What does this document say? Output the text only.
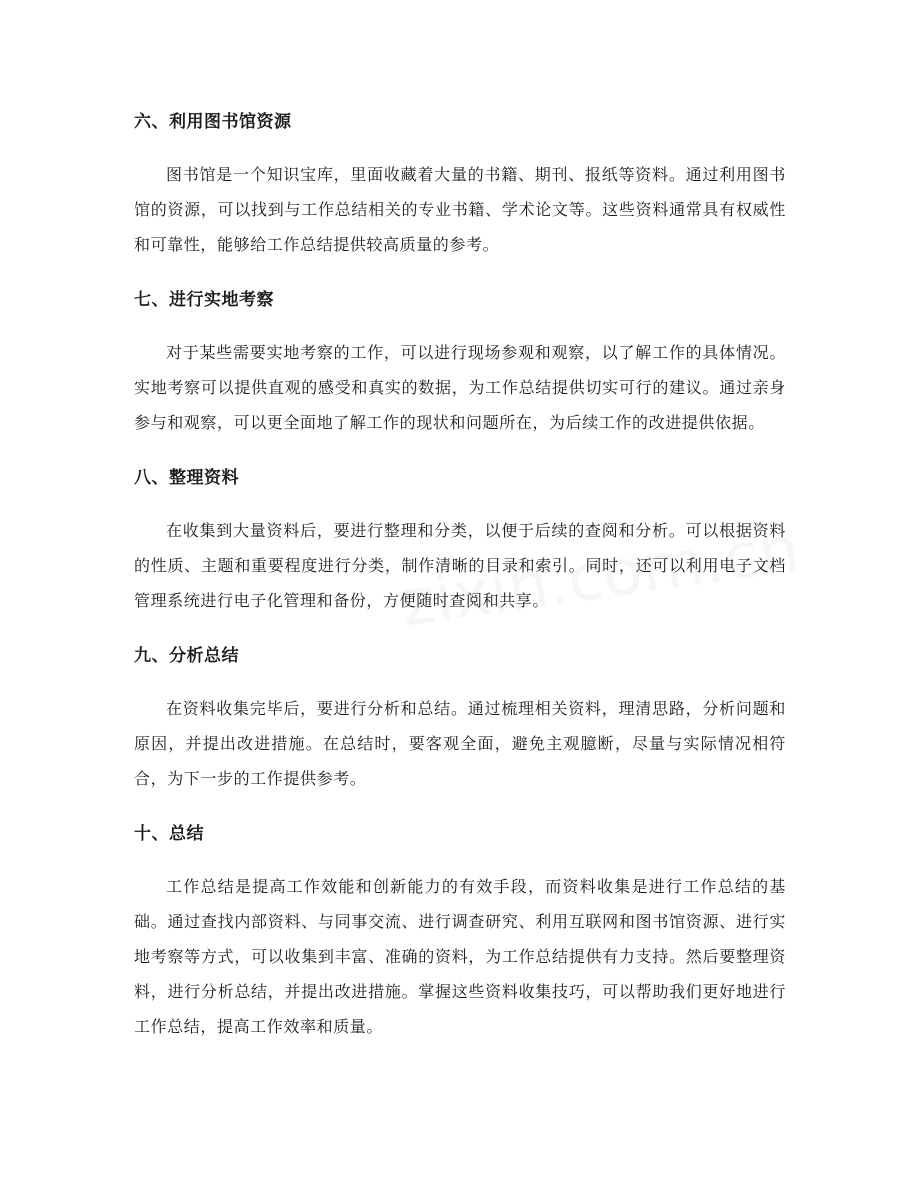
六、利用图书馆资源

图书馆是一个知识宝库，里面收藏着大量的书籍、期刊、报纸等资料。通过利用图书馆的资源，可以找到与工作总结相关的专业书籍、学术论文等。这些资料通常具有权威性和可靠性，能够给工作总结提供较高质量的参考。

七、进行实地考察

对于某些需要实地考察的工作，可以进行现场参观和观察，以了解工作的具体情况。实地考察可以提供直观的感受和真实的数据，为工作总结提供切实可行的建议。通过亲身参与和观察，可以更全面地了解工作的现状和问题所在，为后续工作的改进提供依据。

八、整理资料

在收集到大量资料后，要进行整理和分类，以便于后续的查阅和分析。可以根据资料的性质、主题和重要程度进行分类，制作清晰的目录和索引。同时，还可以利用电子文档管理系统进行电子化管理和备份，方便随时查阅和共享。

九、分析总结

在资料收集完毕后，要进行分析和总结。通过梳理相关资料，理清思路，分析问题和原因，并提出改进措施。在总结时，要客观全面，避免主观臆断，尽量与实际情况相符合，为下一步的工作提供参考。

十、总结

工作总结是提高工作效能和创新能力的有效手段，而资料收集是进行工作总结的基础。通过查找内部资料、与同事交流、进行调查研究、利用互联网和图书馆资源、进行实地考察等方式，可以收集到丰富、准确的资料，为工作总结提供有力支持。然后要整理资料，进行分析总结，并提出改进措施。掌握这些资料收集技巧，可以帮助我们更好地进行工作总结，提高工作效率和质量。
